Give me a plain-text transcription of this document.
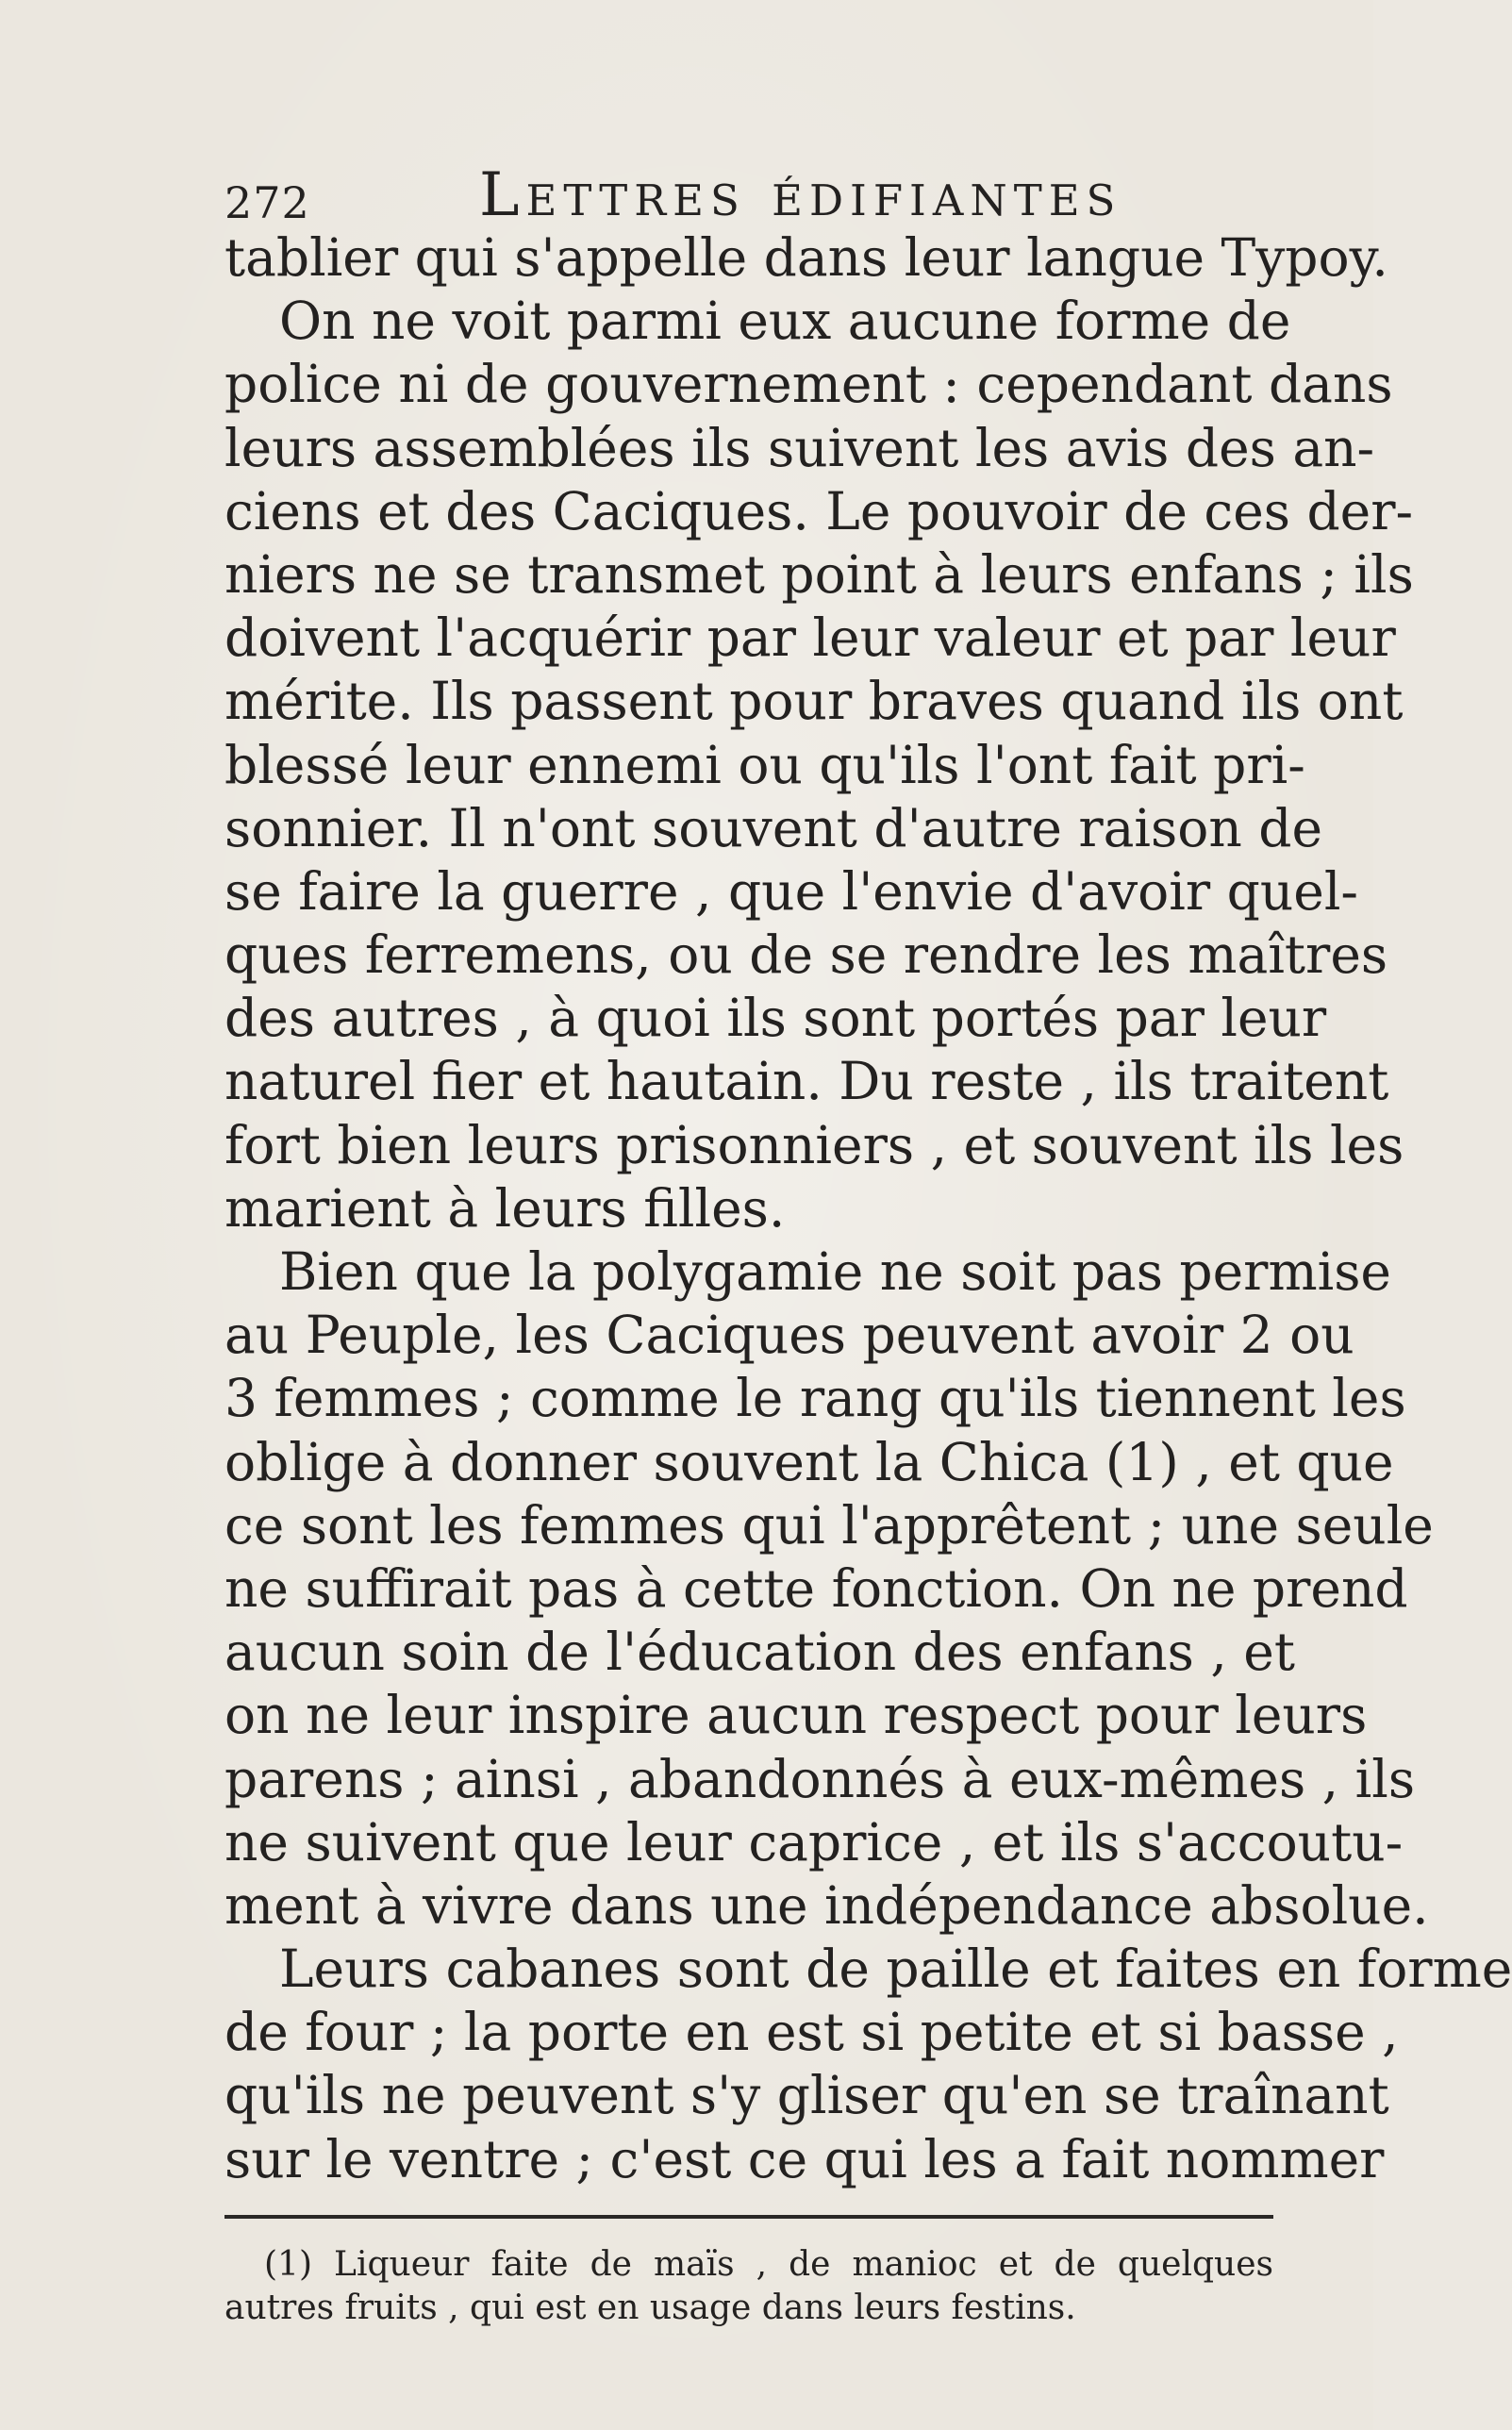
272	Lettres édifiantes
tablier qui s'appelle dans leur langue Typoy.
On ne voit parmi eux aucune forme de
police ni de gouvernement : cependant dans
leurs assemblées ils suivent les avis des an-
ciens et des Caciques. Le pouvoir de ces der-
niers ne se transmet point à leurs enfans ; ils
doivent l'acquérir par leur valeur et par leur
mérite. Ils passent pour braves quand ils ont
blessé leur ennemi ou qu'ils l'ont fait pri-
sonnier. Il n'ont souvent d'autre raison de
se faire la guerre , que l'envie d'avoir quel-
ques ferremens, ou de se rendre les maîtres
des autres , à quoi ils sont portés par leur
naturel fier et hautain. Du reste , ils traitent
fort bien leurs prisonniers , et souvent ils les
marient à leurs filles.
Bien que la polygamie ne soit pas permise
au Peuple, les Caciques peuvent avoir 2 ou
3 femmes ; comme le rang qu'ils tiennent les
oblige à donner souvent la Chica (1) , et que
ce sont les femmes qui l'apprêtent ; une seule
ne suffirait pas à cette fonction. On ne prend
aucun soin de l'éducation des enfans , et
on ne leur inspire aucun respect pour leurs
parens ; ainsi , abandonnés à eux-mêmes , ils
ne suivent que leur caprice , et ils s'accoutu-
ment à vivre dans une indépendance absolue.
Leurs cabanes sont de paille et faites en forme
de four ; la porte en est si petite et si basse ,
qu'ils ne peuvent s'y gliser qu'en se traînant
sur le ventre ; c'est ce qui les a fait nommer
(1) Liqueur faite de maïs , de manioc et de quelques
autres fruits , qui est en usage dans leurs festins.
